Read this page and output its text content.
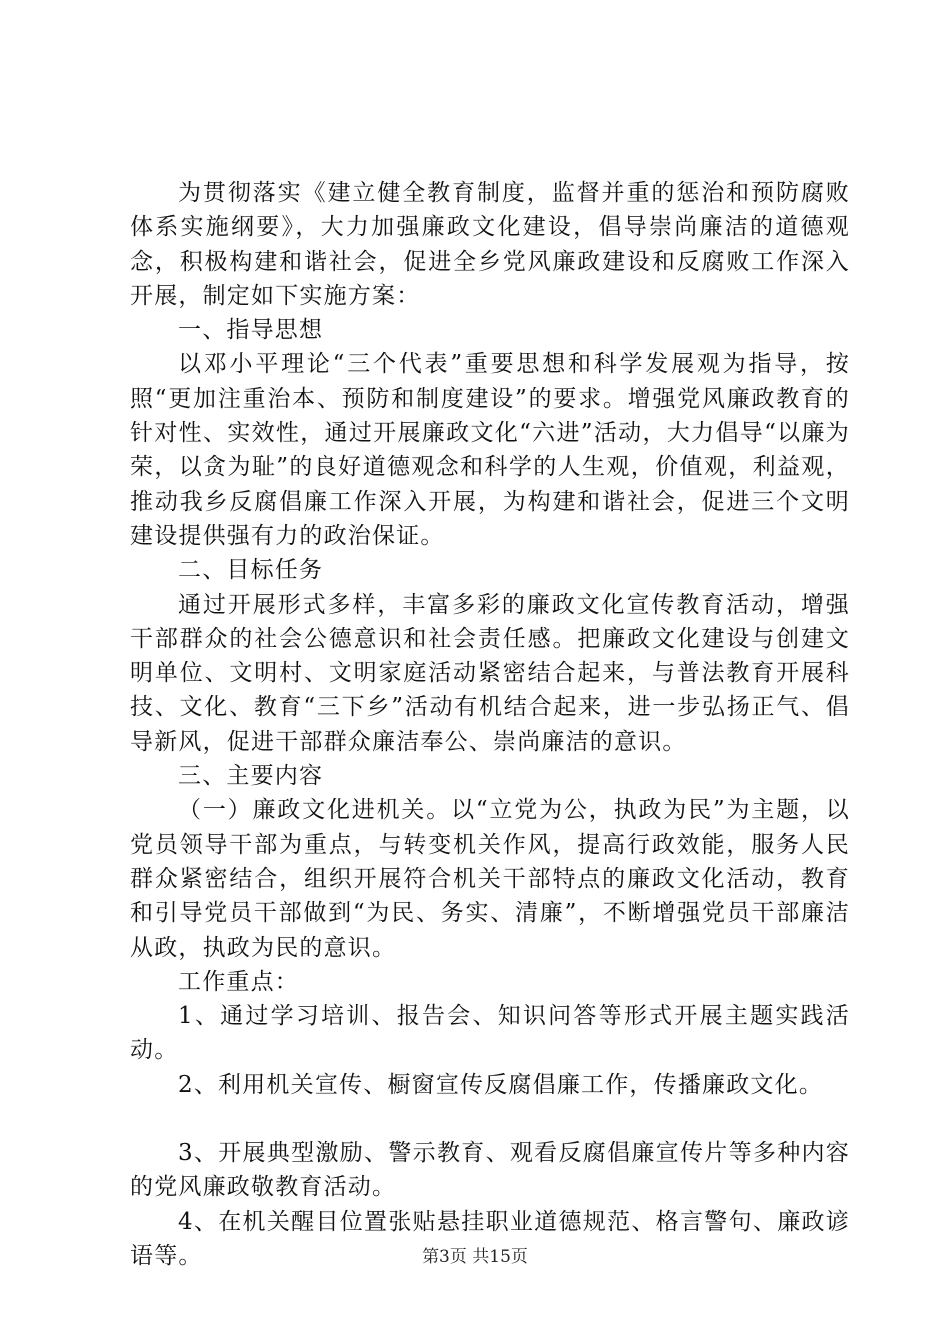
为贯彻落实《建立健全教育制度，监督并重的惩治和预防腐败体系实施纲要》，大力加强廉政文化建设，倡导崇尚廉洁的道德观念，积极构建和谐社会，促进全乡党风廉政建设和反腐败工作深入开展，制定如下实施方案：

一、指导思想

以邓小平理论“三个代表”重要思想和科学发展观为指导，按照“更加注重治本、预防和制度建设”的要求。增强党风廉政教育的针对性、实效性，通过开展廉政文化“六进”活动，大力倡导“以廉为荣，以贪为耻”的良好道德观念和科学的人生观，价值观，利益观，推动我乡反腐倡廉工作深入开展，为构建和谐社会，促进三个文明建设提供强有力的政治保证。

二、目标任务

通过开展形式多样，丰富多彩的廉政文化宣传教育活动，增强干部群众的社会公德意识和社会责任感。把廉政文化建设与创建文明单位、文明村、文明家庭活动紧密结合起来，与普法教育开展科技、文化、教育“三下乡”活动有机结合起来，进一步弘扬正气、倡导新风，促进干部群众廉洁奉公、崇尚廉洁的意识。

三、主要内容

（一）廉政文化进机关。以“立党为公，执政为民”为主题，以党员领导干部为重点，与转变机关作风，提高行政效能，服务人民群众紧密结合，组织开展符合机关干部特点的廉政文化活动，教育和引导党员干部做到“为民、务实、清廉”，不断增强党员干部廉洁从政，执政为民的意识。

工作重点：

1、通过学习培训、报告会、知识问答等形式开展主题实践活动。

2、利用机关宣传、橱窗宣传反腐倡廉工作，传播廉政文化。

3、开展典型激励、警示教育、观看反腐倡廉宣传片等多种内容的党风廉政敬教育活动。

4、在机关醒目位置张贴悬挂职业道德规范、格言警句、廉政谚语等。	第3页 共15页
